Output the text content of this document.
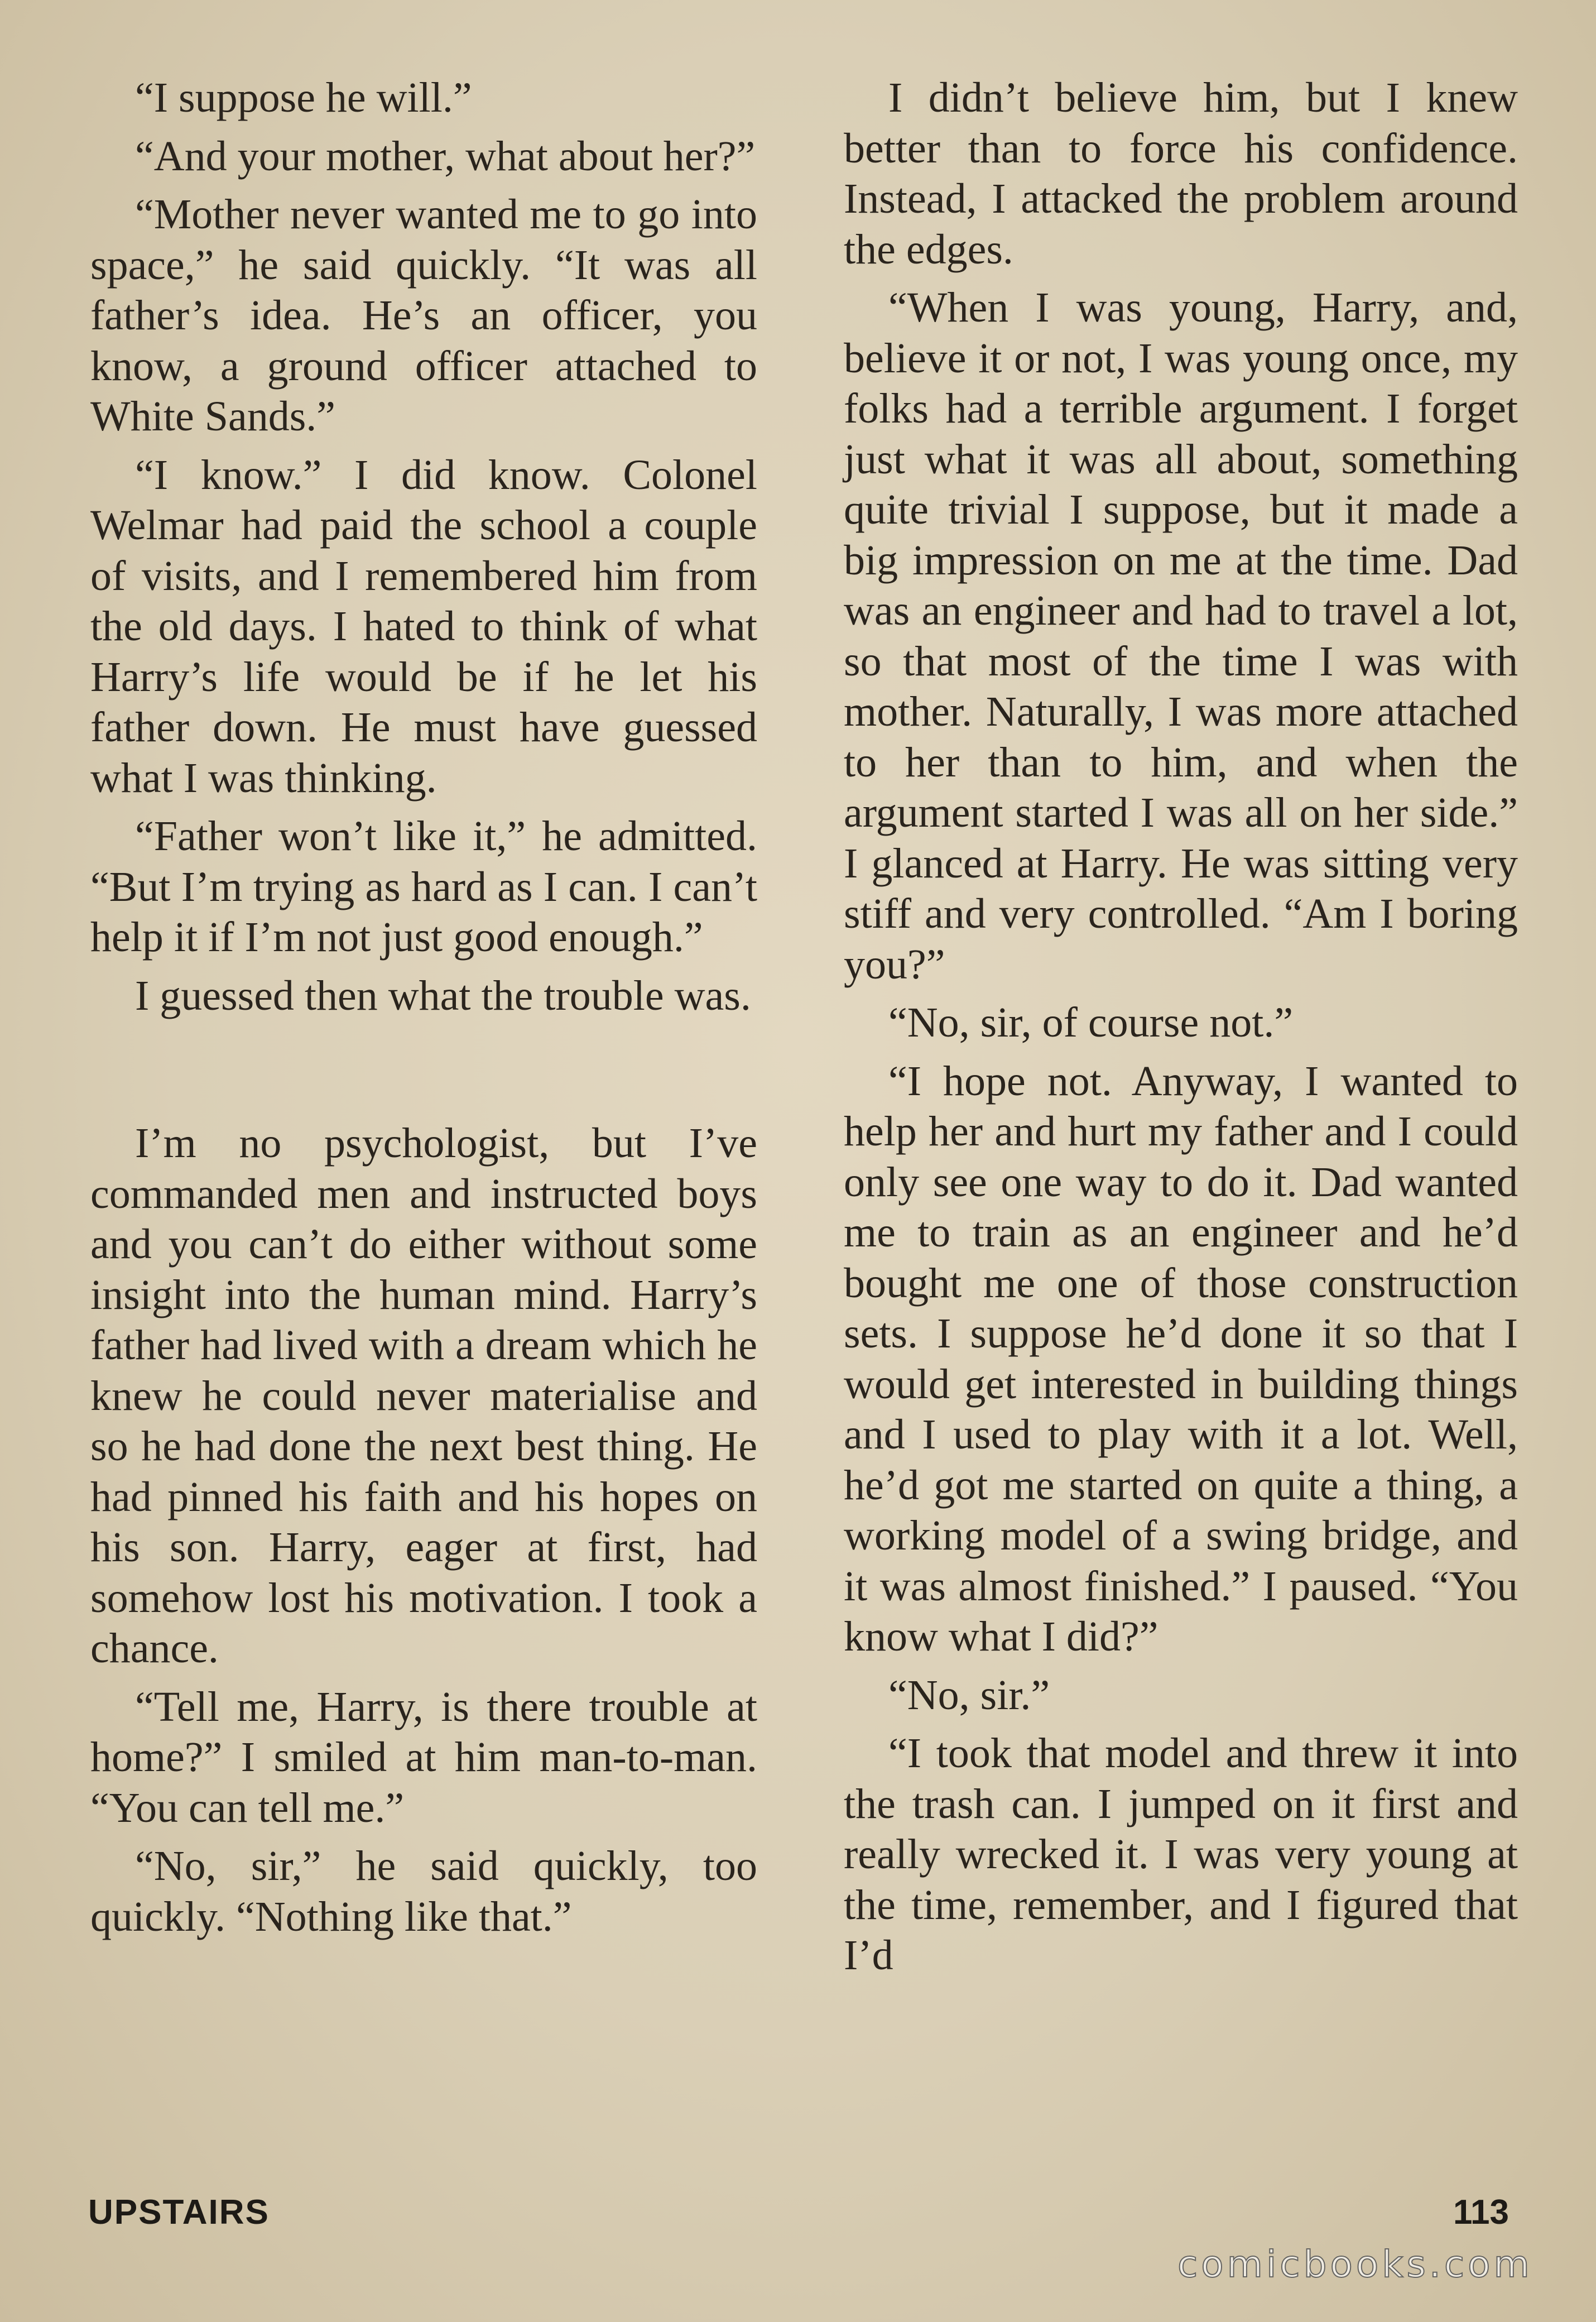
“I suppose he will.”

“And your mother, what about her?”

“Mother never wanted me to go into space,” he said quickly. “It was all father’s idea. He’s an officer, you know, a ground officer attached to White Sands.”

“I know.” I did know. Colonel Welmar had paid the school a couple of visits, and I remembered him from the old days. I hated to think of what Harry’s life would be if he let his father down. He must have guessed what I was thinking.

“Father won’t like it,” he admitted. “But I’m trying as hard as I can. I can’t help it if I’m not just good enough.”

I guessed then what the trouble was.

I’m no psychologist, but I’ve commanded men and instructed boys and you can’t do either without some insight into the human mind. Harry’s father had lived with a dream which he knew he could never materialise and so he had done the next best thing. He had pinned his faith and his hopes on his son. Harry, eager at first, had somehow lost his motivation. I took a chance.

“Tell me, Harry, is there trouble at home?” I smiled at him man-to-man. “You can tell me.”

“No, sir,” he said quickly, too quickly. “Nothing like that.”

I didn’t believe him, but I knew better than to force his confidence. Instead, I attacked the problem around the edges.

“When I was young, Harry, and, believe it or not, I was young once, my folks had a terrible argument. I forget just what it was all about, something quite trivial I suppose, but it made a big impression on me at the time. Dad was an engineer and had to travel a lot, so that most of the time I was with mother. Naturally, I was more attached to her than to him, and when the argument started I was all on her side.” I glanced at Harry. He was sitting very stiff and very controlled. “Am I boring you?”

“No, sir, of course not.”

“I hope not. Anyway, I wanted to help her and hurt my father and I could only see one way to do it. Dad wanted me to train as an engineer and he’d bought me one of those construction sets. I suppose he’d done it so that I would get interested in building things and I used to play with it a lot. Well, he’d got me started on quite a thing, a working model of a swing bridge, and it was almost finished.” I paused. “You know what I did?”

“No, sir.”

“I took that model and threw it into the trash can. I jumped on it first and really wrecked it. I was very young at the time, remember, and I figured that I’d

UPSTAIRS	113
comicbooks.com
